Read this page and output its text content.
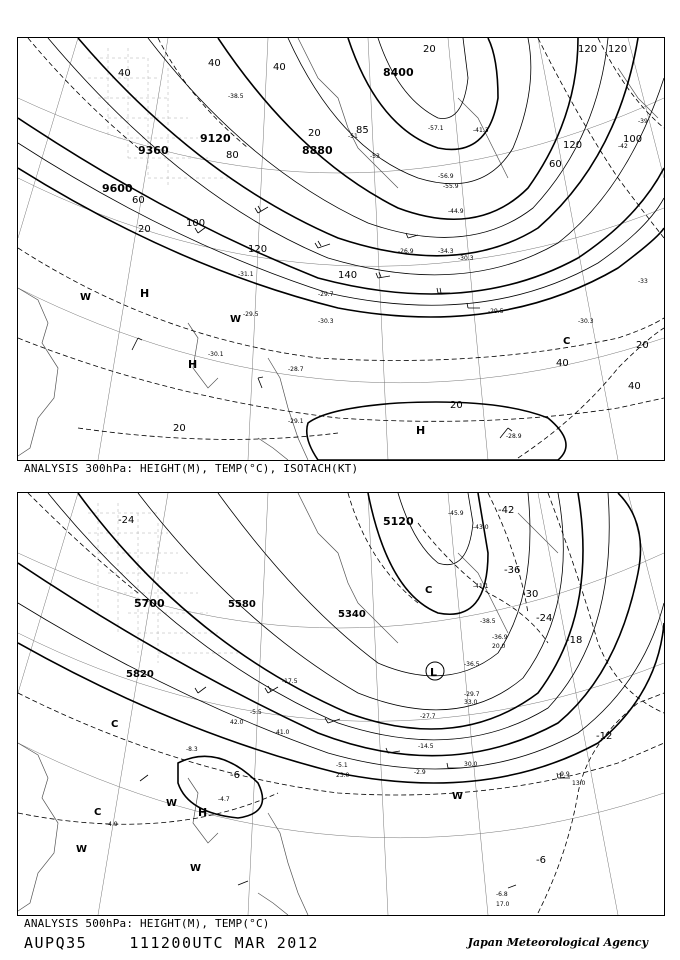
-51
-53
-57.1
-56.9
-55.9
-44.9
-34.3
-30.3
-31.1
-29.5
-30.3
-29.5
-30.1
-28.7
-29.1
-28.9
-30.3
-33
-39
-38.5
-41.3
-42
-26.9
-29.7
8400
9120
9360
9600
8880
40
40	40
20
80
60
100
120
140
120
100
60
20
40
20
20
120
85
120
20
40
20
H
H
H
C
W
W
ANALYSIS 300hPa: HEIGHT(M), TEMP(°C), ISOTACH(KT)
5700	5580
5340
5820
5120
-24
-42
-36
-30
-24
-18
-12
-6
-6
-45.9
-43.0
-41.1
-38.5
-36.9
-36.5
-29.7
-27.7
-17.5
-14.5
-9.9
-5.5
-5.1
-4.9
-4.7
-2.9
-6.8
-8.3
13.0
17.0
20.0
23.0
30.0
33.0
41.0
42.0
L
H
C
C
C
W
W
W
W
ANALYSIS 500hPa: HEIGHT(M), TEMP(°C)
AUPQ35	111200UTC MAR 2012	Japan Meteorological Agency
